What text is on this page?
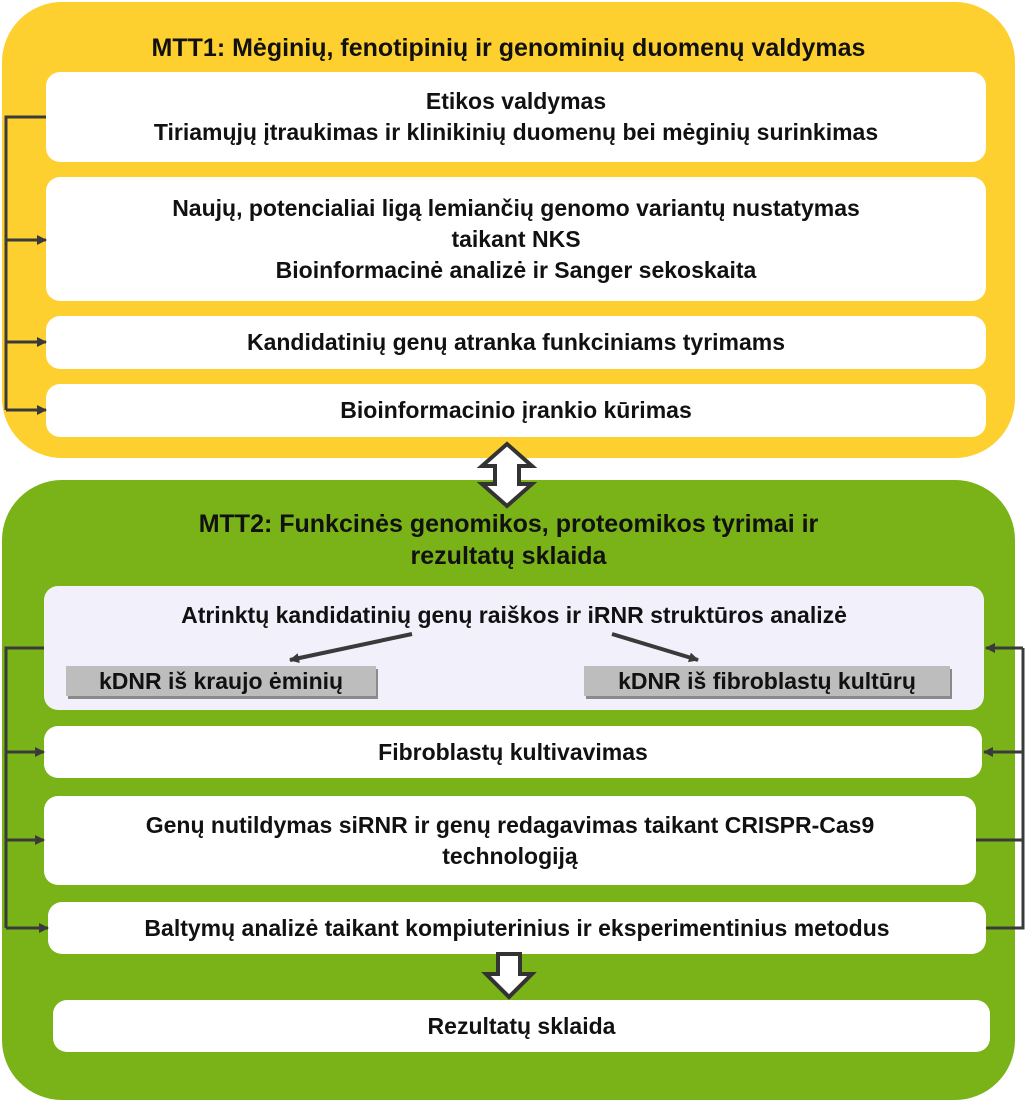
MTT1: Mėginių, fenotipinių ir genominių duomenų valdymas
Etikos valdymas
Tiriamųjų įtraukimas ir klinikinių duomenų bei mėginių surinkimas
Naujų, potencialiai ligą lemiančių genomo variantų nustatymas
taikant NKS
Bioinformacinė analizė ir Sanger sekoskaita
Kandidatinių genų atranka funkciniams tyrimams
Bioinformacinio įrankio kūrimas
MTT2: Funkcinės genomikos, proteomikos tyrimai ir
rezultatų sklaida
Atrinktų kandidatinių genų raiškos ir iRNR struktūros analizė
kDNR iš kraujo ėminių	kDNR iš fibroblastų kultūrų
Fibroblastų kultivavimas
Genų nutildymas siRNR ir genų redagavimas taikant CRISPR-Cas9
technologiją
Baltymų analizė taikant kompiuterinius ir eksperimentinius metodus
Rezultatų sklaida
